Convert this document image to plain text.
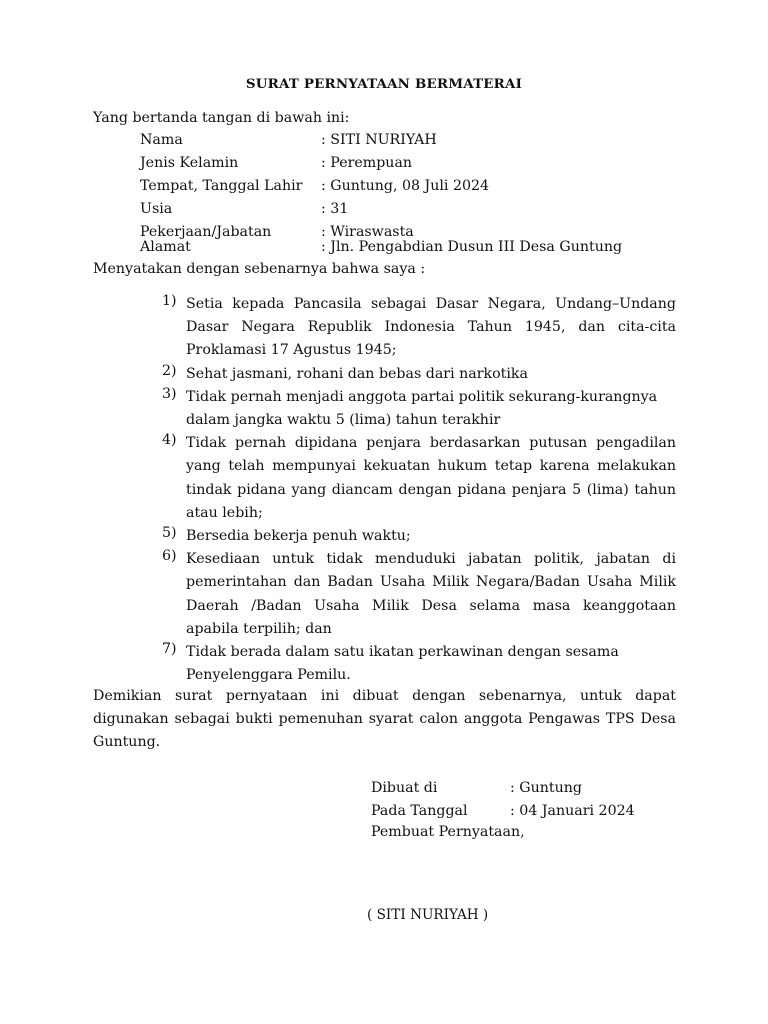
SURAT PERNYATAAN BERMATERAI
Yang bertanda tangan di bawah ini:
Nama	: SITI NURIYAH
Jenis Kelamin	: Perempuan
Tempat, Tanggal Lahir : Guntung, 08 Juli 2024
Usia	: 31
Pekerjaan/Jabatan	: Wiraswasta
Alamat	: Jln. Pengabdian Dusun III Desa Guntung
Menyatakan dengan sebenarnya bahwa saya :
1) Setia kepada Pancasila sebagai Dasar Negara, Undang–Undang Dasar Negara Republik Indonesia Tahun 1945, dan cita-cita Proklamasi 17 Agustus 1945;
2) Sehat jasmani, rohani dan bebas dari narkotika
3) Tidak pernah menjadi anggota partai politik sekurang-kurangnya dalam jangka waktu 5 (lima) tahun terakhir
4) Tidak pernah dipidana penjara berdasarkan putusan pengadilan yang telah mempunyai kekuatan hukum tetap karena melakukan tindak pidana yang diancam dengan pidana penjara 5 (lima) tahun atau lebih;
5) Bersedia bekerja penuh waktu;
6) Kesediaan untuk tidak menduduki jabatan politik, jabatan di pemerintahan dan Badan Usaha Milik Negara/Badan Usaha Milik Daerah /Badan Usaha Milik Desa selama masa keanggotaan apabila terpilih; dan
7) Tidak berada dalam satu ikatan perkawinan dengan sesama Penyelenggara Pemilu.
Demikian surat pernyataan ini dibuat dengan sebenarnya, untuk dapat digunakan sebagai bukti pemenuhan syarat calon anggota Pengawas TPS Desa Guntung.
Dibuat di	: Guntung
Pada Tanggal	: 04 Januari 2024
Pembuat Pernyataan,
( SITI NURIYAH )
